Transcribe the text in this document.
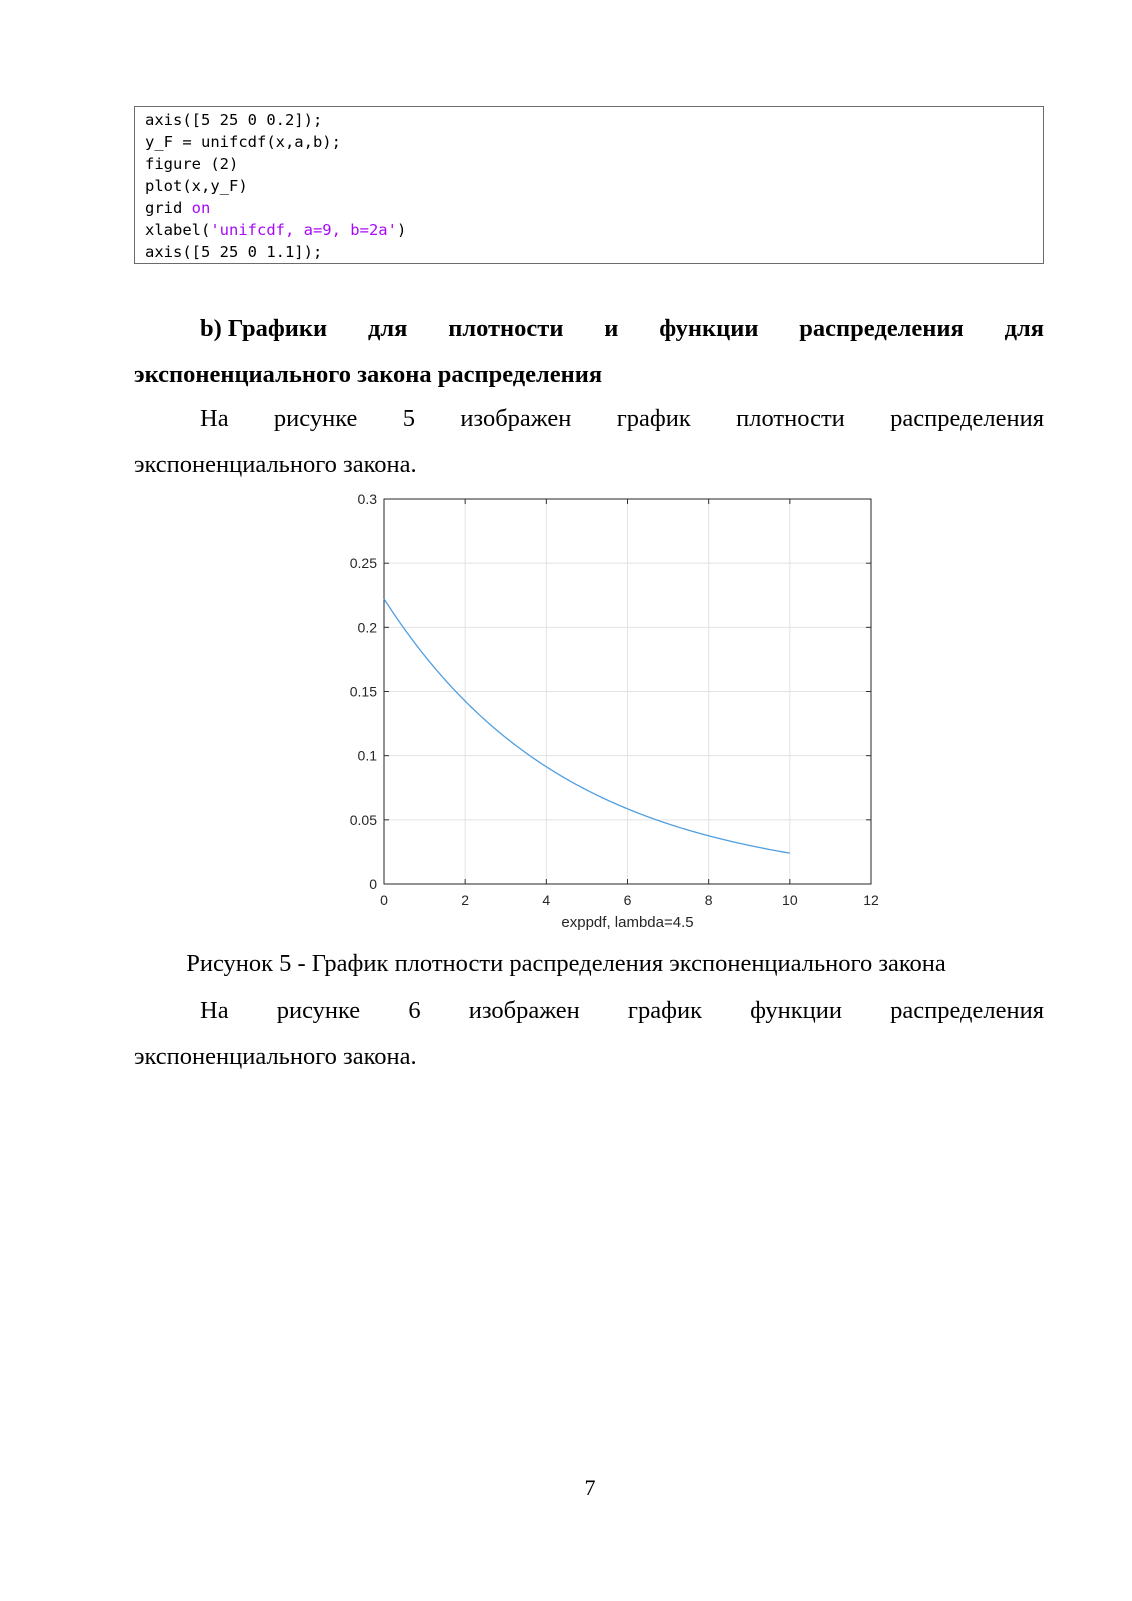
axis([5 25 0 0.2]);
y_F = unifcdf(x,a,b);
figure (2)
plot(x,y_F)
grid on
xlabel('unifcdf, a=9, b=2a')
axis([5 25 0 1.1]);
b) Графики для плотности и функции распределения для
экспоненциального закона распределения
На рисунке 5 изображен график плотности распределения
экспоненциального закона.
0	2	4	6	8	10	12
0
0.05
0.1
0.15
0.2
0.25
0.3
exppdf, lambda=4.5
Рисунок 5 - График плотности распределения экспоненциального закона
На рисунке 6 изображен график функции распределения
экспоненциального закона.
7
